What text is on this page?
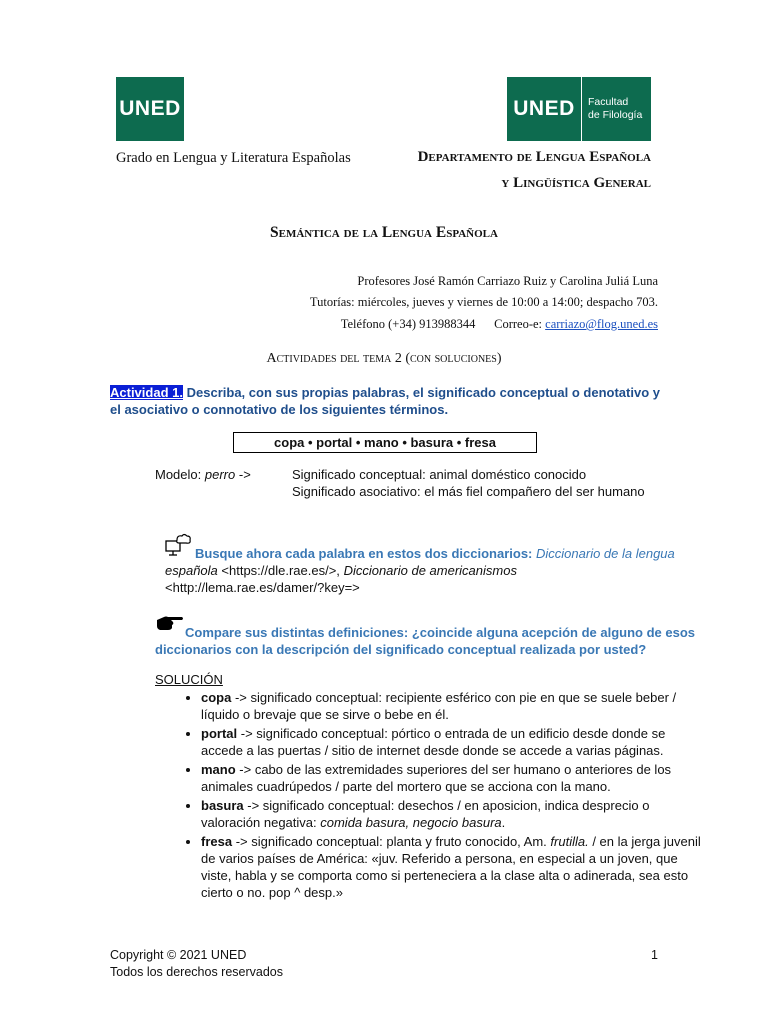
UNED	UNED	Facultad
de Filología
Grado en Lengua y Literatura Españolas	Departamento de Lengua Española
y Lingüística General
Semántica de la Lengua Española
Profesores José Ramón Carriazo Ruiz y Carolina Juliá Luna
Tutorías: miércoles, jueves y viernes de 10:00 a 14:00; despacho 703.
Teléfono (+34) 913988344 Correo-e: carriazo@flog.uned.es
Actividades del tema 2 (con soluciones)
Actividad 1. Describa, con sus propias palabras, el significado conceptual o denotativo y el asociativo o connotativo de los siguientes términos.
copa • portal • mano • basura • fresa
Modelo: perro ->	Significado conceptual: animal doméstico conocido
Significado asociativo: el más fiel compañero del ser humano
Busque ahora cada palabra en estos dos diccionarios: Diccionario de la lengua
española <https://dle.rae.es/>, Diccionario de americanismos
<http://lema.rae.es/damer/?key=>
Compare sus distintas definiciones: ¿coincide alguna acepción de alguno de esos
diccionarios con la descripción del significado conceptual realizada por usted?
SOLUCIÓN
• copa -> significado conceptual: recipiente esférico con pie en que se suele beber / líquido o brevaje que se sirve o bebe en él.
• portal -> significado conceptual: pórtico o entrada de un edificio desde donde se accede a las puertas / sitio de internet desde donde se accede a varias páginas.
• mano -> cabo de las extremidades superiores del ser humano o anteriores de los animales cuadrúpedos / parte del mortero que se acciona con la mano.
• basura -> significado conceptual: desechos / en aposicion, indica desprecio o valoración negativa: comida basura, negocio basura.
• fresa -> significado conceptual: planta y fruto conocido, Am. frutilla. / en la jerga juvenil de varios países de América: «juv. Referido a persona, en especial a un joven, que viste, habla y se comporta como si perteneciera a la clase alta o adinerada, sea esto cierto o no. pop ^ desp.»
Copyright © 2021 UNED
Todos los derechos reservados
1
